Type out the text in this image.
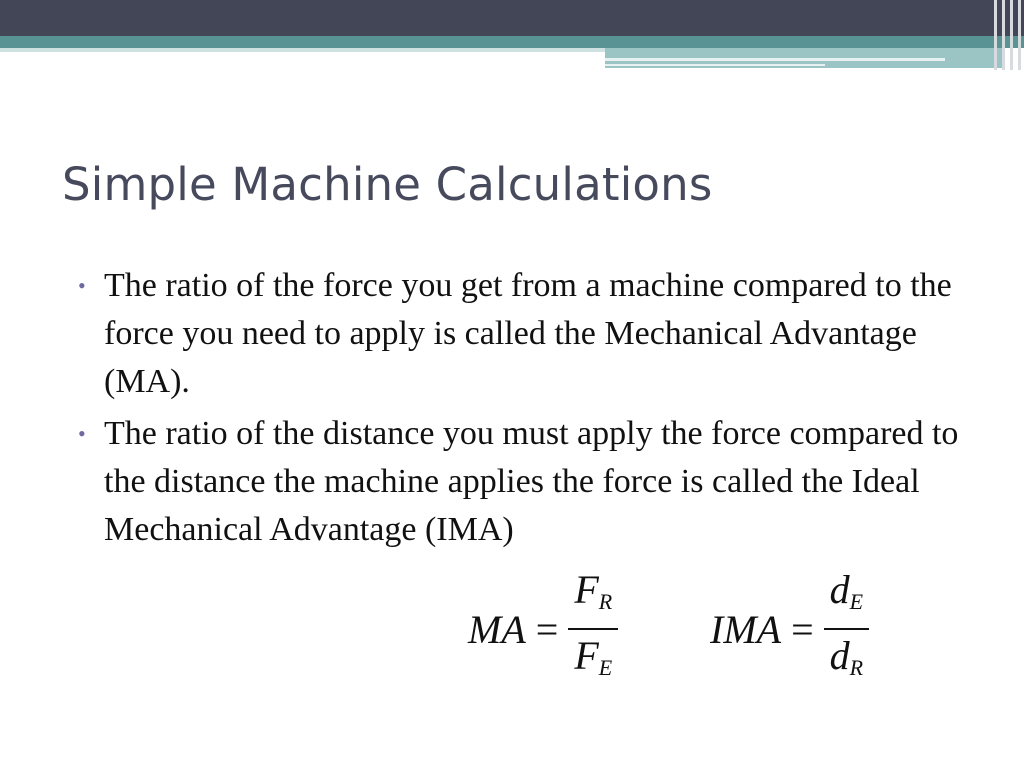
Simple Machine Calculations
• The ratio of the force you get from a machine compared to the force you need to apply is called the Mechanical Advantage (MA).
• The ratio of the distance you must apply the force compared to the distance the machine applies the force is called the Ideal Mechanical Advantage (IMA)
MA = $\frac{F_R}{F_E}$ IMA = $\frac{d_E}{d_R}$
